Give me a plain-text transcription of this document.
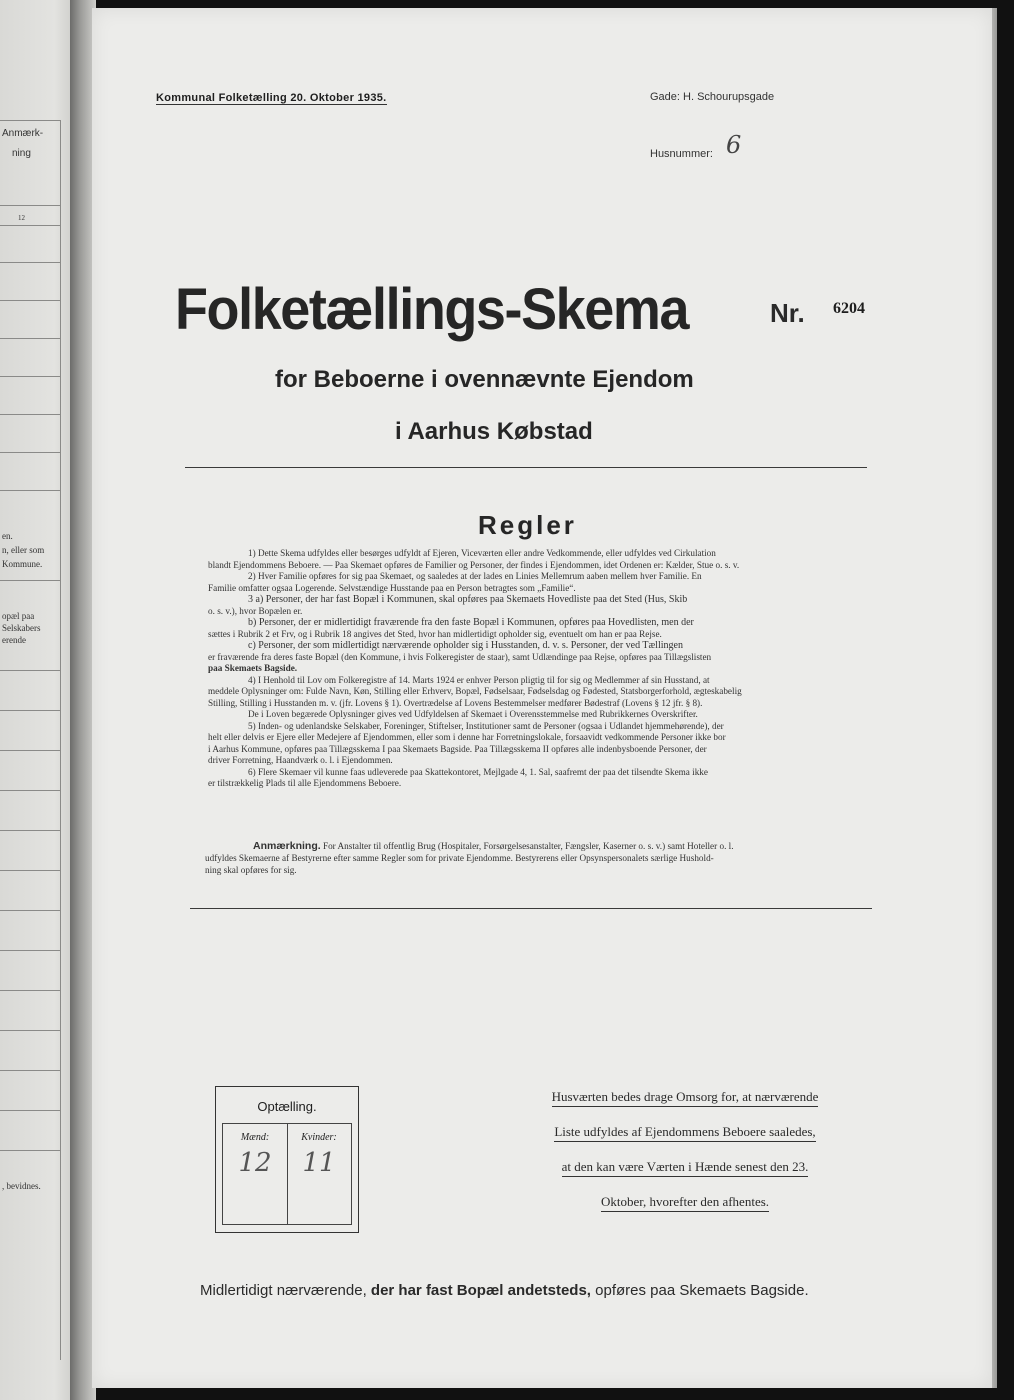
Anmærk-
ning
12
en.
n, eller som
Kommune.
opæl paa
Selskabers
erende
, bevidnes.
Kommunal Folketælling 20. Oktober 1935.	Gade: H. Schourupsgade
Husnummer: 6
Folketællings-Skema	Nr. 6204
for Beboerne i ovennævnte Ejendom
i Aarhus Købstad
Regler
1) Dette Skema udfyldes eller besørges udfyldt af Ejeren, Viceværten eller andre Vedkommende, eller udfyldes ved Cirkulation
blandt Ejendommens Beboere. — Paa Skemaet opføres de Familier og Personer, der findes i Ejendommen, idet Ordenen er: Kælder, Stue o. s. v.
2) Hver Familie opføres for sig paa Skemaet, og saaledes at der lades en Linies Mellemrum aaben mellem hver Familie. En
Familie omfatter ogsaa Logerende. Selvstændige Husstande paa en Person betragtes som „Familie“.
3 a) Personer, der har fast Bopæl i Kommunen, skal opføres paa Skemaets Hovedliste paa det Sted (Hus, Skib
o. s. v.), hvor Bopælen er.
b) Personer, der er midlertidigt fraværende fra den faste Bopæl i Kommunen, opføres paa Hovedlisten, men der
sættes i Rubrik 2 et Frv, og i Rubrik 18 angives det Sted, hvor han midlertidigt opholder sig, eventuelt om han er paa Rejse.
c) Personer, der som midlertidigt nærværende opholder sig i Husstanden, d. v. s. Personer, der ved Tællingen
er fraværende fra deres faste Bopæl (den Kommune, i hvis Folkeregister de staar), samt Udlændinge paa Rejse, opføres paa Tillægslisten
paa Skemaets Bagside.
4) I Henhold til Lov om Folkeregistre af 14. Marts 1924 er enhver Person pligtig til for sig og Medlemmer af sin Husstand, at
meddele Oplysninger om: Fulde Navn, Køn, Stilling eller Erhverv, Bopæl, Fødselsaar, Fødselsdag og Fødested, Statsborgerforhold, ægteskabelig
Stilling, Stilling i Husstanden m. v. (jfr. Lovens § 1). Overtrædelse af Lovens Bestemmelser medfører Bødestraf (Lovens § 12 jfr. § 8).
De i Loven begærede Oplysninger gives ved Udfyldelsen af Skemaet i Overensstemmelse med Rubrikkernes Overskrifter.
5) Inden- og udenlandske Selskaber, Foreninger, Stiftelser, Institutioner samt de Personer (ogsaa i Udlandet hjemmehørende), der
helt eller delvis er Ejere eller Medejere af Ejendommen, eller som i denne har Forretningslokale, forsaavidt vedkommende Personer ikke bor
i Aarhus Kommune, opføres paa Tillægsskema I paa Skemaets Bagside. Paa Tillægsskema II opføres alle indenbysboende Personer, der
driver Forretning, Haandværk o. l. i Ejendommen.
6) Flere Skemaer vil kunne faas udleverede paa Skattekontoret, Mejlgade 4, 1. Sal, saafremt der paa det tilsendte Skema ikke
er tilstrækkelig Plads til alle Ejendommens Beboere.
Anmærkning. For Anstalter til offentlig Brug (Hospitaler, Forsørgelsesanstalter, Fængsler, Kaserner o. s. v.) samt Hoteller o. l.
udfyldes Skemaerne af Bestyrerne efter samme Regler som for private Ejendomme. Bestyrerens eller Opsynspersonalets særlige Hushold-
ning skal opføres for sig.
Optælling.
Mænd:	Kvinder:
12	11
Husværten bedes drage Omsorg for, at nærværende
Liste udfyldes af Ejendommens Beboere saaledes,
at den kan være Værten i Hænde senest den 23.
Oktober, hvorefter den afhentes.
Midlertidigt nærværende, der har fast Bopæl andetsteds, opføres paa Skemaets Bagside.
